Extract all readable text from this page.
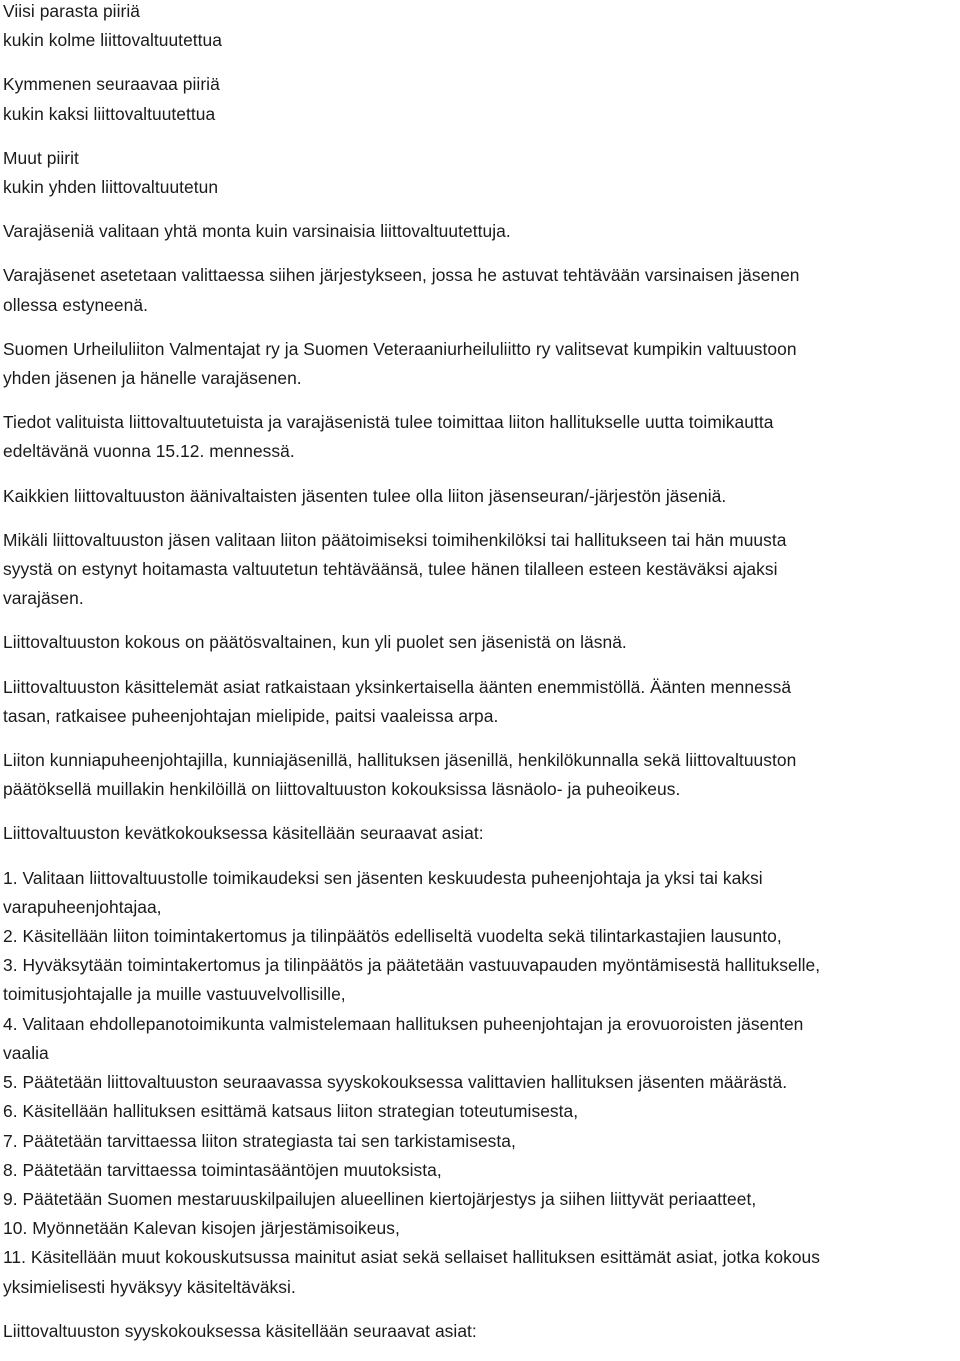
Viisi parasta piiriä
kukin kolme liittovaltuutettua
Kymmenen seuraavaa piiriä
kukin kaksi liittovaltuutettua
Muut piirit
kukin yhden liittovaltuutetun
Varajäseniä valitaan yhtä monta kuin varsinaisia liittovaltuutettuja.
Varajäsenet asetetaan valittaessa siihen järjestykseen, jossa he astuvat tehtävään varsinaisen jäsenen
ollessa estyneenä.
Suomen Urheiluliiton Valmentajat ry ja Suomen Veteraaniurheiluliitto ry valitsevat kumpikin valtuustoon
yhden jäsenen ja hänelle varajäsenen.
Tiedot valituista liittovaltuutetuista ja varajäsenistä tulee toimittaa liiton hallitukselle uutta toimikautta
edeltävänä vuonna 15.12. mennessä.
Kaikkien liittovaltuuston äänivaltaisten jäsenten tulee olla liiton jäsenseuran/-järjestön jäseniä.
Mikäli liittovaltuuston jäsen valitaan liiton päätoimiseksi toimihenkilöksi tai hallitukseen tai hän muusta
syystä on estynyt hoitamasta valtuutetun tehtäväänsä, tulee hänen tilalleen esteen kestäväksi ajaksi
varajäsen.
Liittovaltuuston kokous on päätösvaltainen, kun yli puolet sen jäsenistä on läsnä.
Liittovaltuuston käsittelemät asiat ratkaistaan yksinkertaisella äänten enemmistöllä. Äänten mennessä
tasan, ratkaisee puheenjohtajan mielipide, paitsi vaaleissa arpa.
Liiton kunniapuheenjohtajilla, kunniajäsenillä, hallituksen jäsenillä, henkilökunnalla sekä liittovaltuuston
päätöksellä muillakin henkilöillä on liittovaltuuston kokouksissa läsnäolo- ja puheoikeus.
Liittovaltuuston kevätkokouksessa käsitellään seuraavat asiat:
1. Valitaan liittovaltuustolle toimikaudeksi sen jäsenten keskuudesta puheenjohtaja ja yksi tai kaksi
varapuheenjohtajaa,
2. Käsitellään liiton toimintakertomus ja tilinpäätös edelliseltä vuodelta sekä tilintarkastajien lausunto,
3. Hyväksytään toimintakertomus ja tilinpäätös ja päätetään vastuuvapauden myöntämisestä hallitukselle,
toimitusjohtajalle ja muille vastuuvelvollisille,
4. Valitaan ehdollepanotoimikunta valmistelemaan hallituksen puheenjohtajan ja erovuoroisten jäsenten
vaalia
5. Päätetään liittovaltuuston seuraavassa syyskokouksessa valittavien hallituksen jäsenten määrästä.
6. Käsitellään hallituksen esittämä katsaus liiton strategian toteutumisesta,
7. Päätetään tarvittaessa liiton strategiasta tai sen tarkistamisesta,
8. Päätetään tarvittaessa toimintasääntöjen muutoksista,
9. Päätetään Suomen mestaruuskilpailujen alueellinen kiertojärjestys ja siihen liittyvät periaatteet,
10. Myönnetään Kalevan kisojen järjestämisoikeus,
11. Käsitellään muut kokouskutsussa mainitut asiat sekä sellaiset hallituksen esittämät asiat, jotka kokous
yksimielisesti hyväksyy käsiteltäväksi.
Liittovaltuuston syyskokouksessa käsitellään seuraavat asiat:
